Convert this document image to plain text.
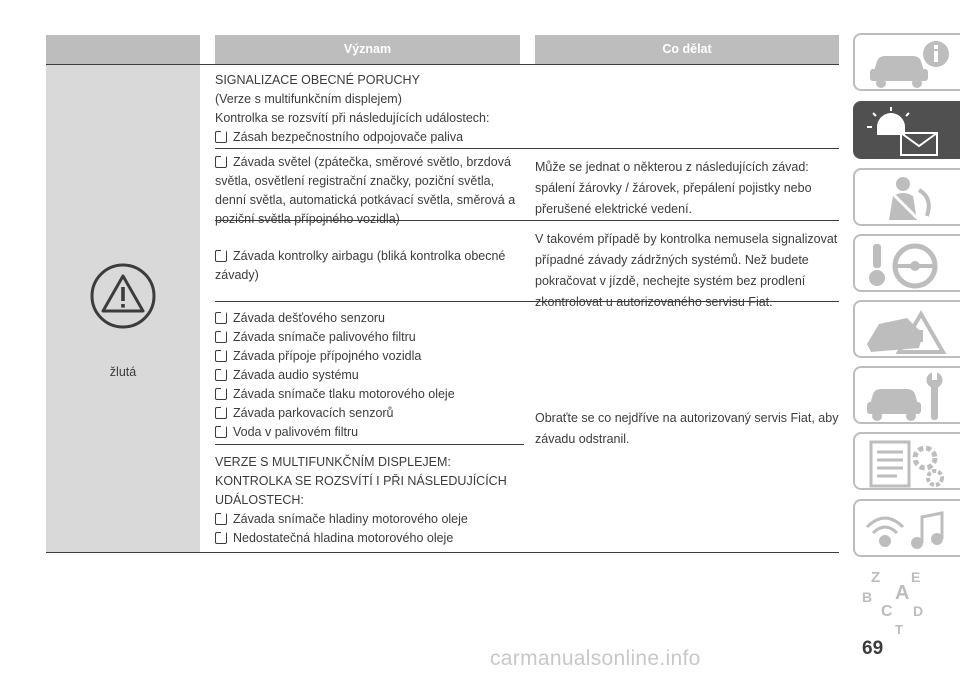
Význam	Co dělat
žlutá
SIGNALIZACE OBECNÉ PORUCHY
(Verze s multifunkčním displejem)
Kontrolka se rozsvítí při následujících událostech:
Zásah bezpečnostního odpojovače paliva
Závada světel (zpátečka, směrové světlo, brzdová
světla, osvětlení registrační značky, poziční světla,
denní světla, automatická potkávací světla, směrová a
poziční světla přípojného vozidla)
Může se jednat o některou z následujících závad:
spálení žárovky / žárovek, přepálení pojistky nebo
přerušené elektrické vedení.
Závada kontrolky airbagu (bliká kontrolka obecné
závady)
V takovém případě by kontrolka nemusela signalizovat
případné závady zádržných systémů. Než budete
pokračovat v jízdě, nechejte systém bez prodlení
zkontrolovat u autorizovaného servisu Fiat.
Závada dešťového senzoru
Závada snímače palivového filtru
Závada přípoje přípojného vozidla
Závada audio systému
Závada snímače tlaku motorového oleje
Závada parkovacích senzorů
Voda v palivovém filtru
Obraťte se co nejdříve na autorizovaný servis Fiat, aby
závadu odstranil.
VERZE S MULTIFUNKČNÍM DISPLEJEM:
KONTROLKA SE ROZSVÍTÍ I PŘI NÁSLEDUJÍCÍCH
UDÁLOSTECH:
Závada snímače hladiny motorového oleje
Nedostatečná hladina motorového oleje
Z E
B A
C D
T
69
carmanualsonline.info
